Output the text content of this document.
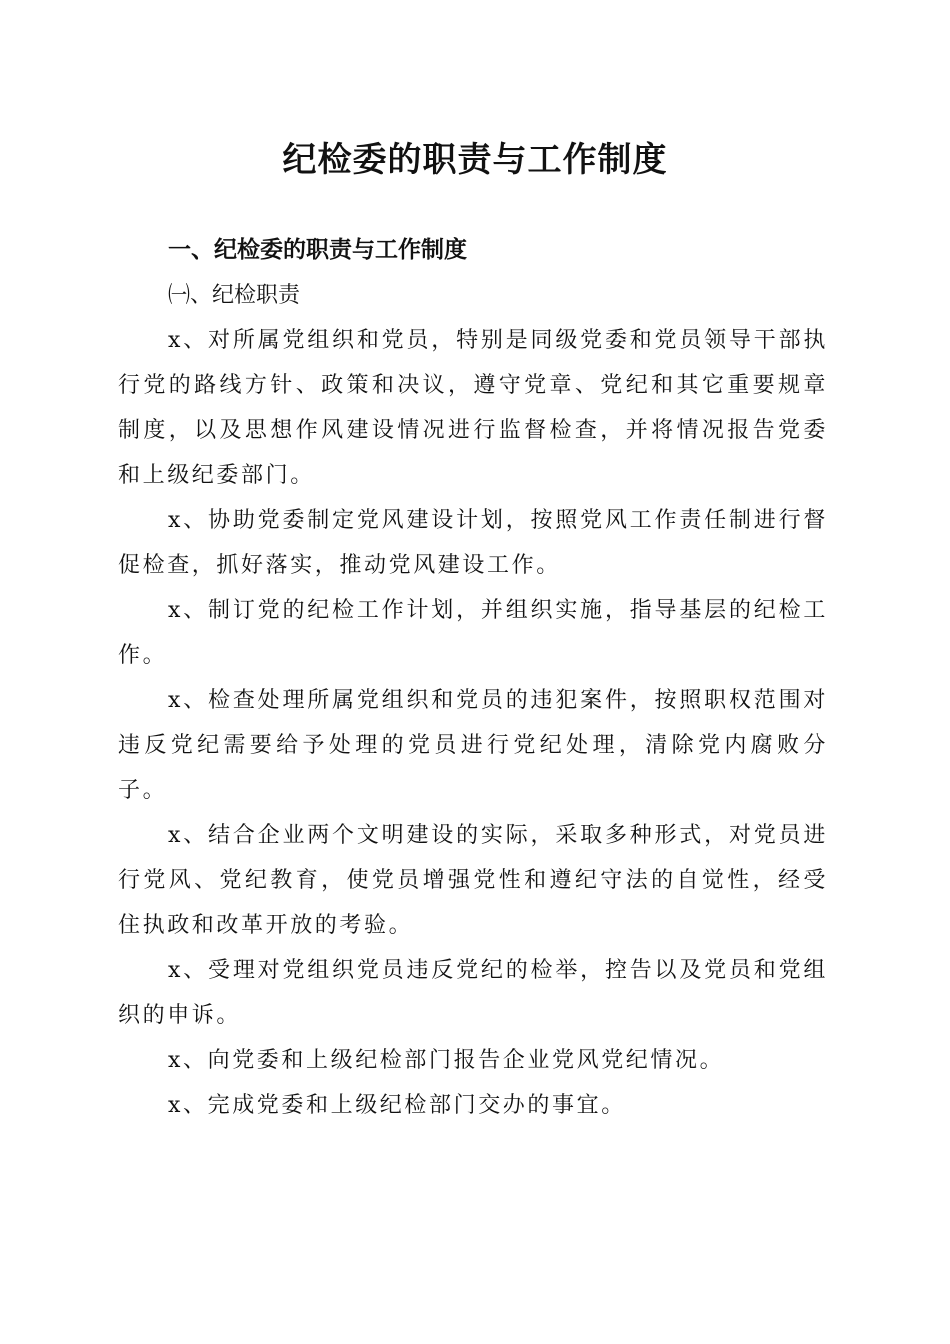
纪检委的职责与工作制度

一、纪检委的职责与工作制度

㈠、纪检职责

x、对所属党组织和党员，特别是同级党委和党员领导干部执行党的路线方针、政策和决议，遵守党章、党纪和其它重要规章制度，以及思想作风建设情况进行监督检查，并将情况报告党委和上级纪委部门。

x、协助党委制定党风建设计划，按照党风工作责任制进行督促检查，抓好落实，推动党风建设工作。

x、制订党的纪检工作计划，并组织实施，指导基层的纪检工作。

x、检查处理所属党组织和党员的违犯案件，按照职权范围对违反党纪需要给予处理的党员进行党纪处理，清除党内腐败分子。

x、结合企业两个文明建设的实际，采取多种形式，对党员进行党风、党纪教育，使党员增强党性和遵纪守法的自觉性，经受住执政和改革开放的考验。

x、受理对党组织党员违反党纪的检举，控告以及党员和党组织的申诉。

x、向党委和上级纪检部门报告企业党风党纪情况。

x、完成党委和上级纪检部门交办的事宜。
